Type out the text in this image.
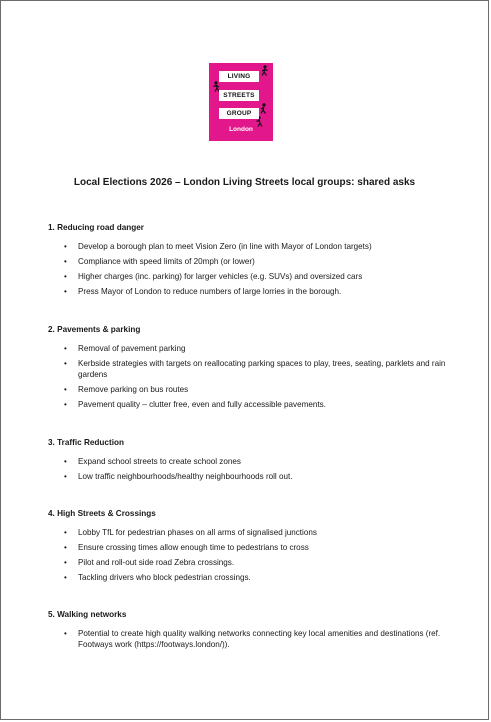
LIVING
STREETS
GROUP
London
Local Elections 2026 – London Living Streets local groups: shared asks
1. Reducing road danger
• Develop a borough plan to meet Vision Zero (in line with Mayor of London targets)
• Compliance with speed limits of 20mph (or lower)
• Higher charges (inc. parking) for larger vehicles (e.g. SUVs) and oversized cars
• Press Mayor of London to reduce numbers of large lorries in the borough.
2. Pavements & parking
• Removal of pavement parking
• Kerbside strategies with targets on reallocating parking spaces to play, trees, seating, parklets and rain gardens
• Remove parking on bus routes
• Pavement quality – clutter free, even and fully accessible pavements.
3. Traffic Reduction
• Expand school streets to create school zones
• Low traffic neighbourhoods/healthy neighbourhoods roll out.
4. High Streets & Crossings
• Lobby TfL for pedestrian phases on all arms of signalised junctions
• Ensure crossing times allow enough time to pedestrians to cross
• Pilot and roll-out side road Zebra crossings.
• Tackling drivers who block pedestrian crossings.
5. Walking networks
• Potential to create high quality walking networks connecting key local amenities and destinations (ref. Footways work (https://footways.london/)).
